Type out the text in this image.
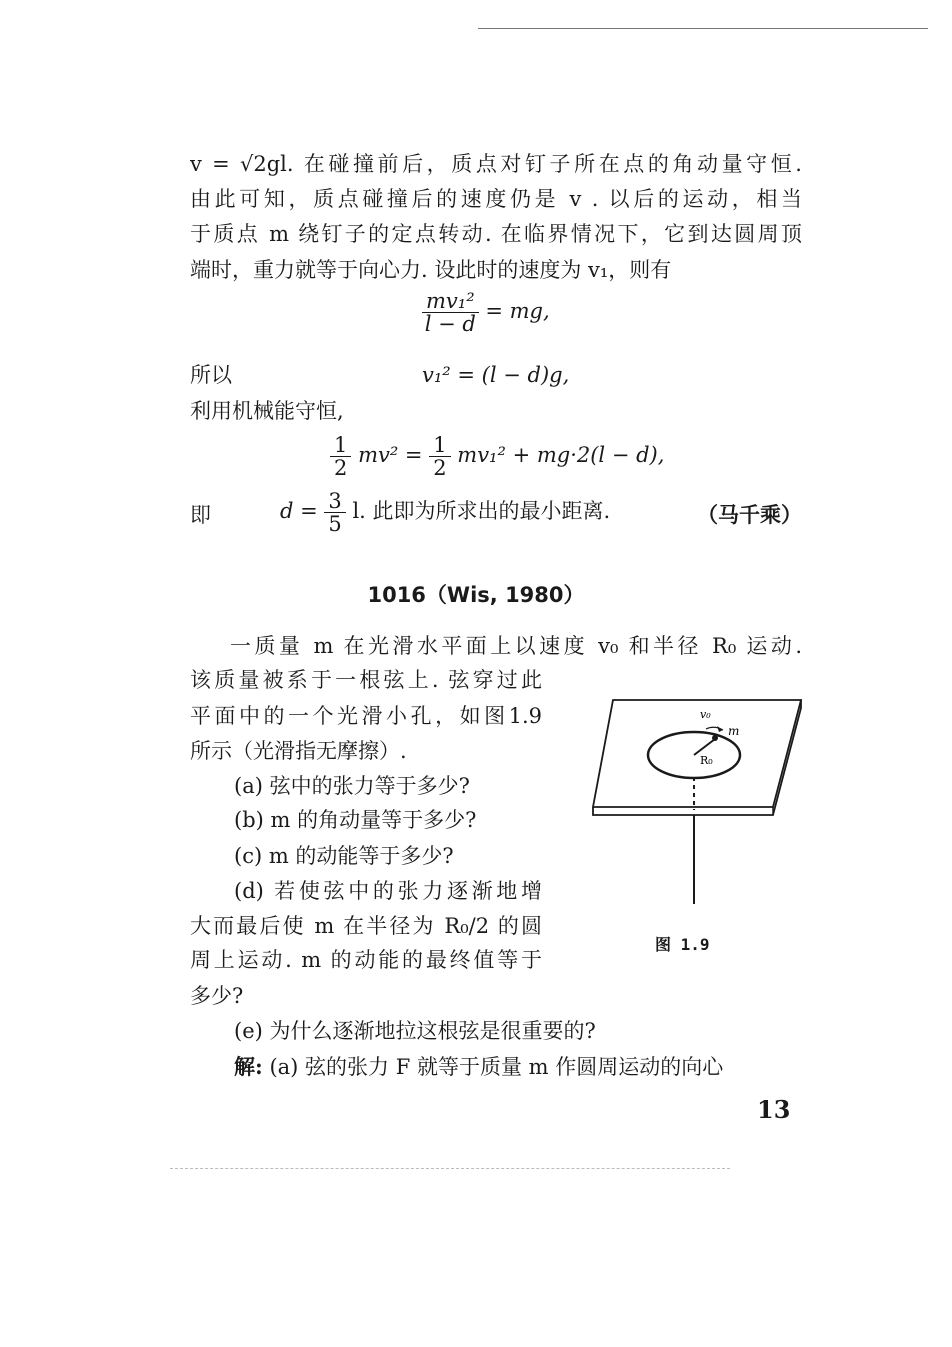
v = √2gl. 在碰撞前后，质点对钉子所在点的角动量守恒.
由此可知，质点碰撞后的速度仍是 v . 以后的运动，相当
于质点 m 绕钉子的定点转动. 在临界情况下，它到达圆周顶
端时，重力就等于向心力. 设此时的速度为 v₁，则有
$\frac{\text{mv₁²}}{l - d}$ = mg,
所以	v₁² = (l − d)g,
利用机械能守恒,
$\frac{1}{2} mv^2 = \frac{1}{2} mv_1^2 + mg\cdot 2(l - d)$,
即	$d = \frac{3}{5} l$. 此即为所求出的最小距离.	（马千乘）
1016（Wis, 1980）
一质量 m 在光滑水平面上以速度 v₀ 和半径 R₀ 运动.
该质量被系于一根弦上. 弦穿过此
平面中的一个光滑小孔，如图1.9
所示（光滑指无摩擦）.
(a) 弦中的张力等于多少?
(b) m 的角动量等于多少?
(c) m 的动能等于多少?
(d) 若使弦中的张力逐渐地增
大而最后使 m 在半径为 R₀/2 的圆
周上运动. m 的动能的最终值等于
多少?
(e) 为什么逐渐地拉这根弦是很重要的?
解: (a) 弦的张力 F 就等于质量 m 作圆周运动的向心
v₀
m
R₀
图 1.9
13
